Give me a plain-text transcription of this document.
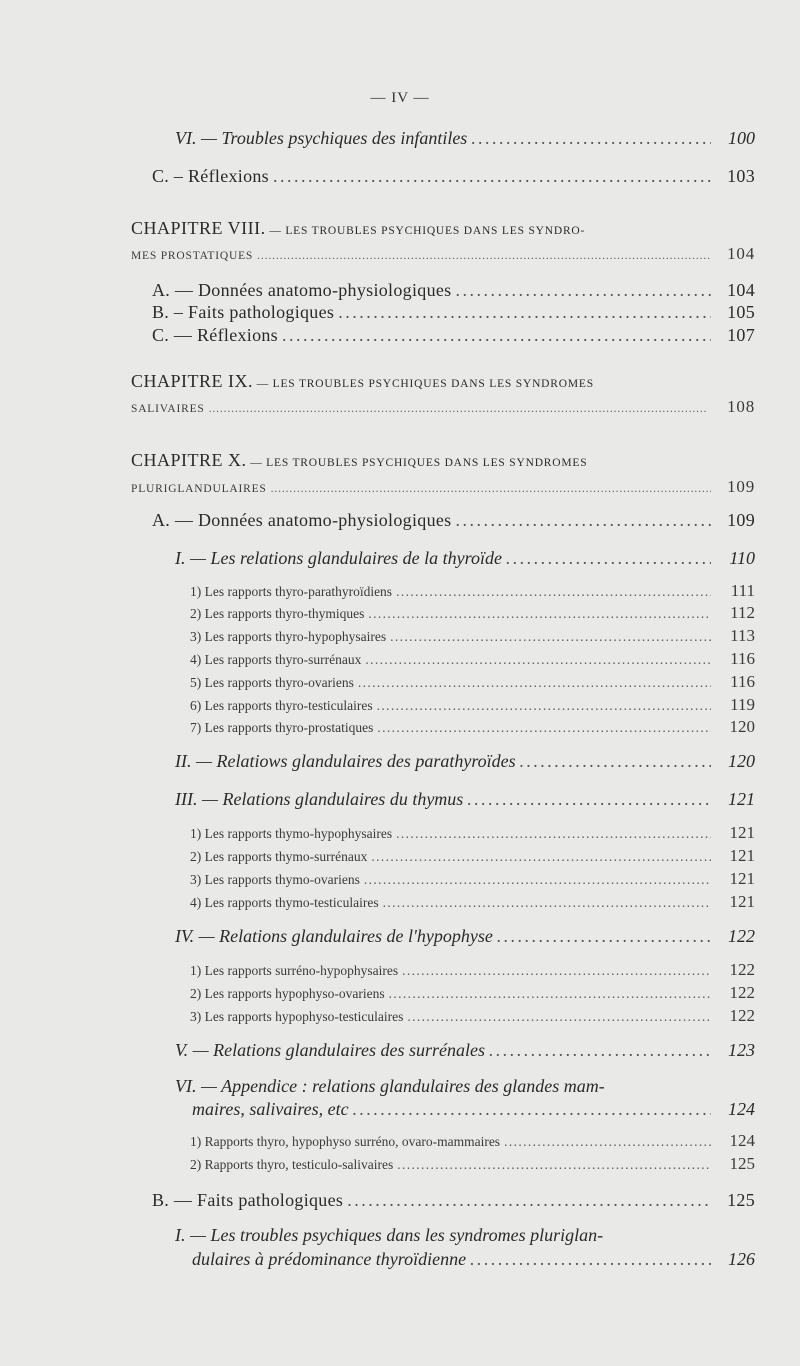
— IV —
VI. — Troubles psychiques des infantiles . . .	100
C. – Réflexions . . .	103
CHAPITRE VIII. — LES TROUBLES PSYCHIQUES DANS LES SYNDRO-
MES PROSTATIQUES . . .	104
A. — Données anatomo-physiologiques . . .	104
B. – Faits pathologiques . . .	105
C. — Réflexions . . .	107
CHAPITRE IX. — LES TROUBLES PSYCHIQUES DANS LES SYNDROMES
SALIVAIRES . . .	108
CHAPITRE X. — LES TROUBLES PSYCHIQUES DANS LES SYNDROMES
PLURIGLANDULAIRES . . .	109
A. — Données anatomo-physiologiques . . .	109
I. — Les relations glandulaires de la thyroïde . . .	110
1) Les rapports thyro-parathyroïdiens . . .	111
2) Les rapports thyro-thymiques . . .	112
3) Les rapports thyro-hypophysaires . . .	113
4) Les rapports thyro-surrénaux . . .	116
5) Les rapports thyro-ovariens . . .	116
6) Les rapports thyro-testiculaires . . .	119
7) Les rapports thyro-prostatiques . . .	120
II. — Relatiows glandulaires des parathyroïdes . . .	120
III. — Relations glandulaires du thymus . . .	121
1) Les rapports thymo-hypophysaires . . .	121
2) Les rapports thymo-surrénaux . . .	121
3) Les rapports thymo-ovariens . . .	121
4) Les rapports thymo-testiculaires . . .	121
IV. — Relations glandulaires de l'hypophyse . . .	122
1) Les rapports surréno-hypophysaires . . .	122
2) Les rapports hypophyso-ovariens . . .	122
3) Les rapports hypophyso-testiculaires . . .	122
V. — Relations glandulaires des surrénales . . .	123
VI. — Appendice : relations glandulaires des glandes mam-
maires, salivaires, etc . . .	124
1) Rapports thyro, hypophyso surréno, ovaro-mammaires . . .	124
2) Rapports thyro, testiculo-salivaires . . .	125
B. — Faits pathologiques . . .	125
I. — Les troubles psychiques dans les syndromes pluriglan-
dulaires à prédominance thyroïdienne . . .	126
